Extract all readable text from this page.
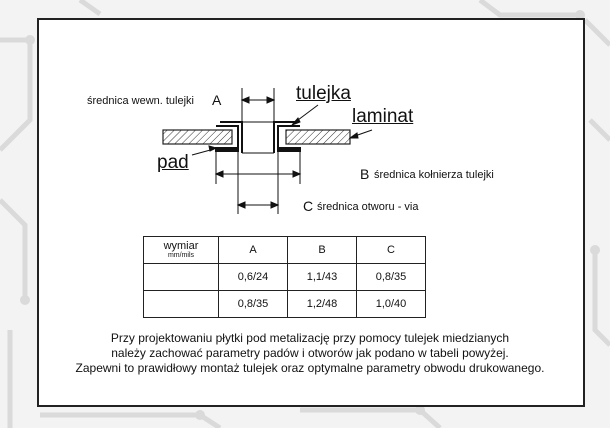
średnica wewn. tulejki A	tulejka
laminat
pad
B średnica kołnierza tulejki
C średnica otworu - via
wymiar
mm/mils	A	B	C
	0,6/24	1,1/43	0,8/35
	0,8/35	1,2/48	1,0/40
Przy projektowaniu płytki pod metalizację przy pomocy tulejek miedzianych
należy zachować parametry padów i otworów jak podano w tabeli powyżej.
Zapewni to prawidłowy montaż tulejek oraz optymalne parametry obwodu drukowanego.
